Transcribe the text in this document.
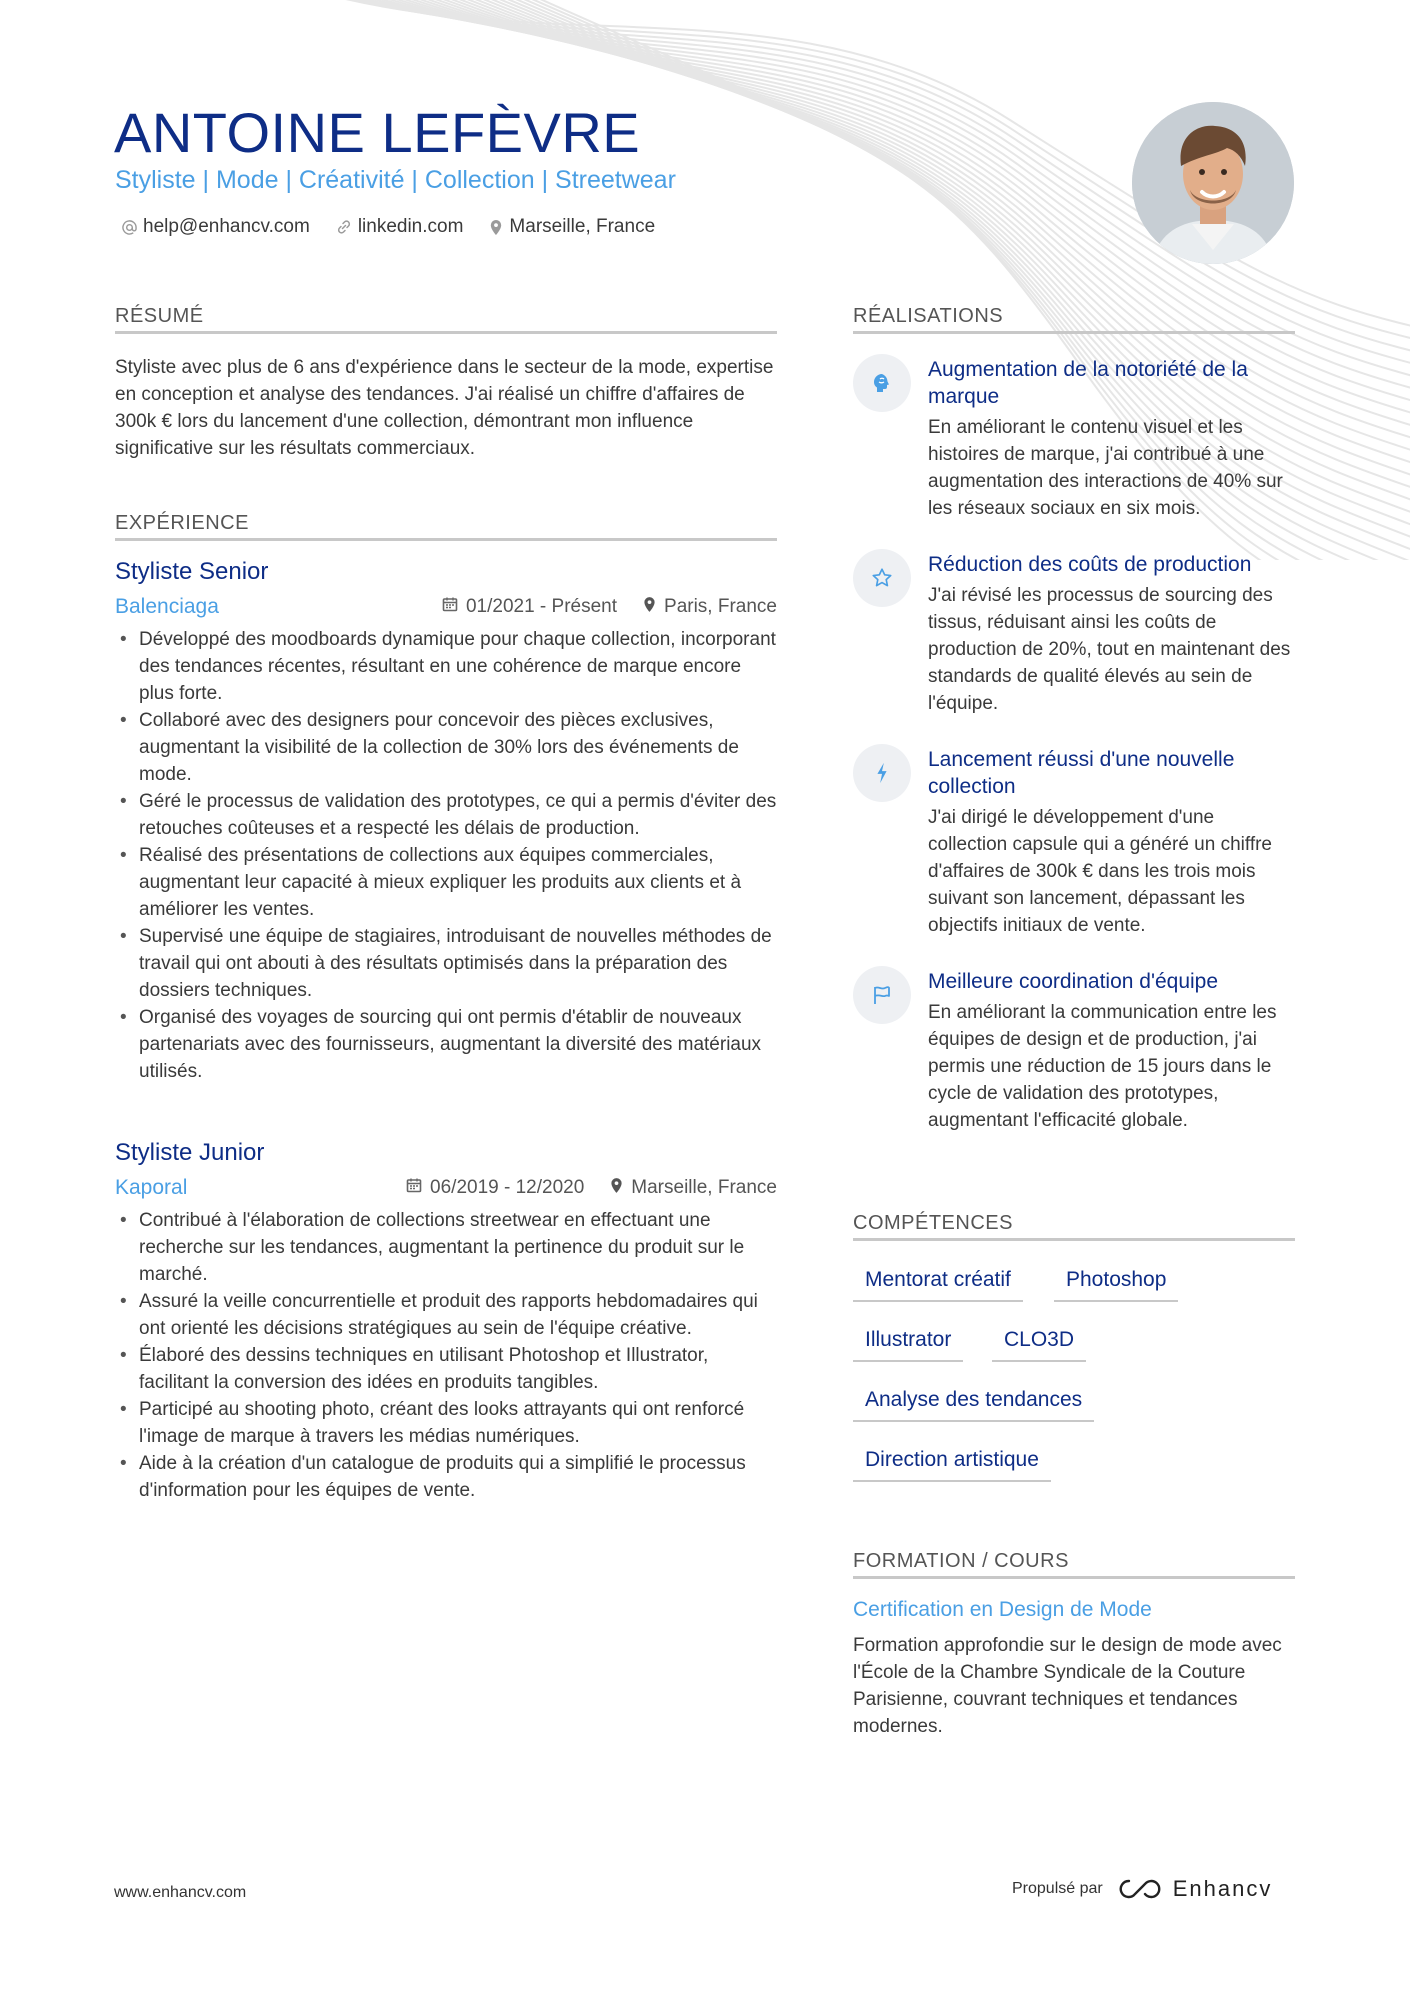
ANTOINE LEFÈVRE
Styliste | Mode | Créativité | Collection | Streetwear
help@enhancv.com	linkedin.com Marseille, France
RÉSUMÉ

Styliste avec plus de 6 ans d'expérience dans le secteur de la mode, expertise en conception et analyse des tendances. J'ai réalisé un chiffre d'affaires de 300k € lors du lancement d'une collection, démontrant mon influence significative sur les résultats commerciaux.

EXPÉRIENCE
Styliste Senior
Balenciaga	01/2021 - Présent Paris, France
• Développé des moodboards dynamique pour chaque collection, incorporant des tendances récentes, résultant en une cohérence de marque encore plus forte.
• Collaboré avec des designers pour concevoir des pièces exclusives, augmentant la visibilité de la collection de 30% lors des événements de mode.
• Géré le processus de validation des prototypes, ce qui a permis d'éviter des retouches coûteuses et a respecté les délais de production.
• Réalisé des présentations de collections aux équipes commerciales, augmentant leur capacité à mieux expliquer les produits aux clients et à améliorer les ventes.
• Supervisé une équipe de stagiaires, introduisant de nouvelles méthodes de travail qui ont abouti à des résultats optimisés dans la préparation des dossiers techniques.
• Organisé des voyages de sourcing qui ont permis d'établir de nouveaux partenariats avec des fournisseurs, augmentant la diversité des matériaux utilisés.
Styliste Junior
Kaporal	06/2019 - 12/2020 Marseille, France
• Contribué à l'élaboration de collections streetwear en effectuant une recherche sur les tendances, augmentant la pertinence du produit sur le marché.
• Assuré la veille concurrentielle et produit des rapports hebdomadaires qui ont orienté les décisions stratégiques au sein de l'équipe créative.
• Élaboré des dessins techniques en utilisant Photoshop et Illustrator, facilitant la conversion des idées en produits tangibles.
• Participé au shooting photo, créant des looks attrayants qui ont renforcé l'image de marque à travers les médias numériques.
• Aide à la création d'un catalogue de produits qui a simplifié le processus d'information pour les équipes de vente.
RÉALISATIONS
Augmentation de la notoriété de la marque

En améliorant le contenu visuel et les histoires de marque, j'ai contribué à une augmentation des interactions de 40% sur les réseaux sociaux en six mois.

Réduction des coûts de production

J'ai révisé les processus de sourcing des tissus, réduisant ainsi les coûts de production de 20%, tout en maintenant des standards de qualité élevés au sein de l'équipe.

Lancement réussi d'une nouvelle collection

J'ai dirigé le développement d'une collection capsule qui a généré un chiffre d'affaires de 300k € dans les trois mois suivant son lancement, dépassant les objectifs initiaux de vente.

Meilleure coordination d'équipe

En améliorant la communication entre les équipes de design et de production, j'ai permis une réduction de 15 jours dans le cycle de validation des prototypes, augmentant l'efficacité globale.

COMPÉTENCES
Mentorat créatif	Photoshop
Illustrator	CLO3D
Analyse des tendances
Direction artistique
FORMATION / COURS
Certification en Design de Mode

Formation approfondie sur le design de mode avec l'École de la Chambre Syndicale de la Couture Parisienne, couvrant techniques et tendances modernes.

www.enhancv.com	Propulsé par	Enhancv
